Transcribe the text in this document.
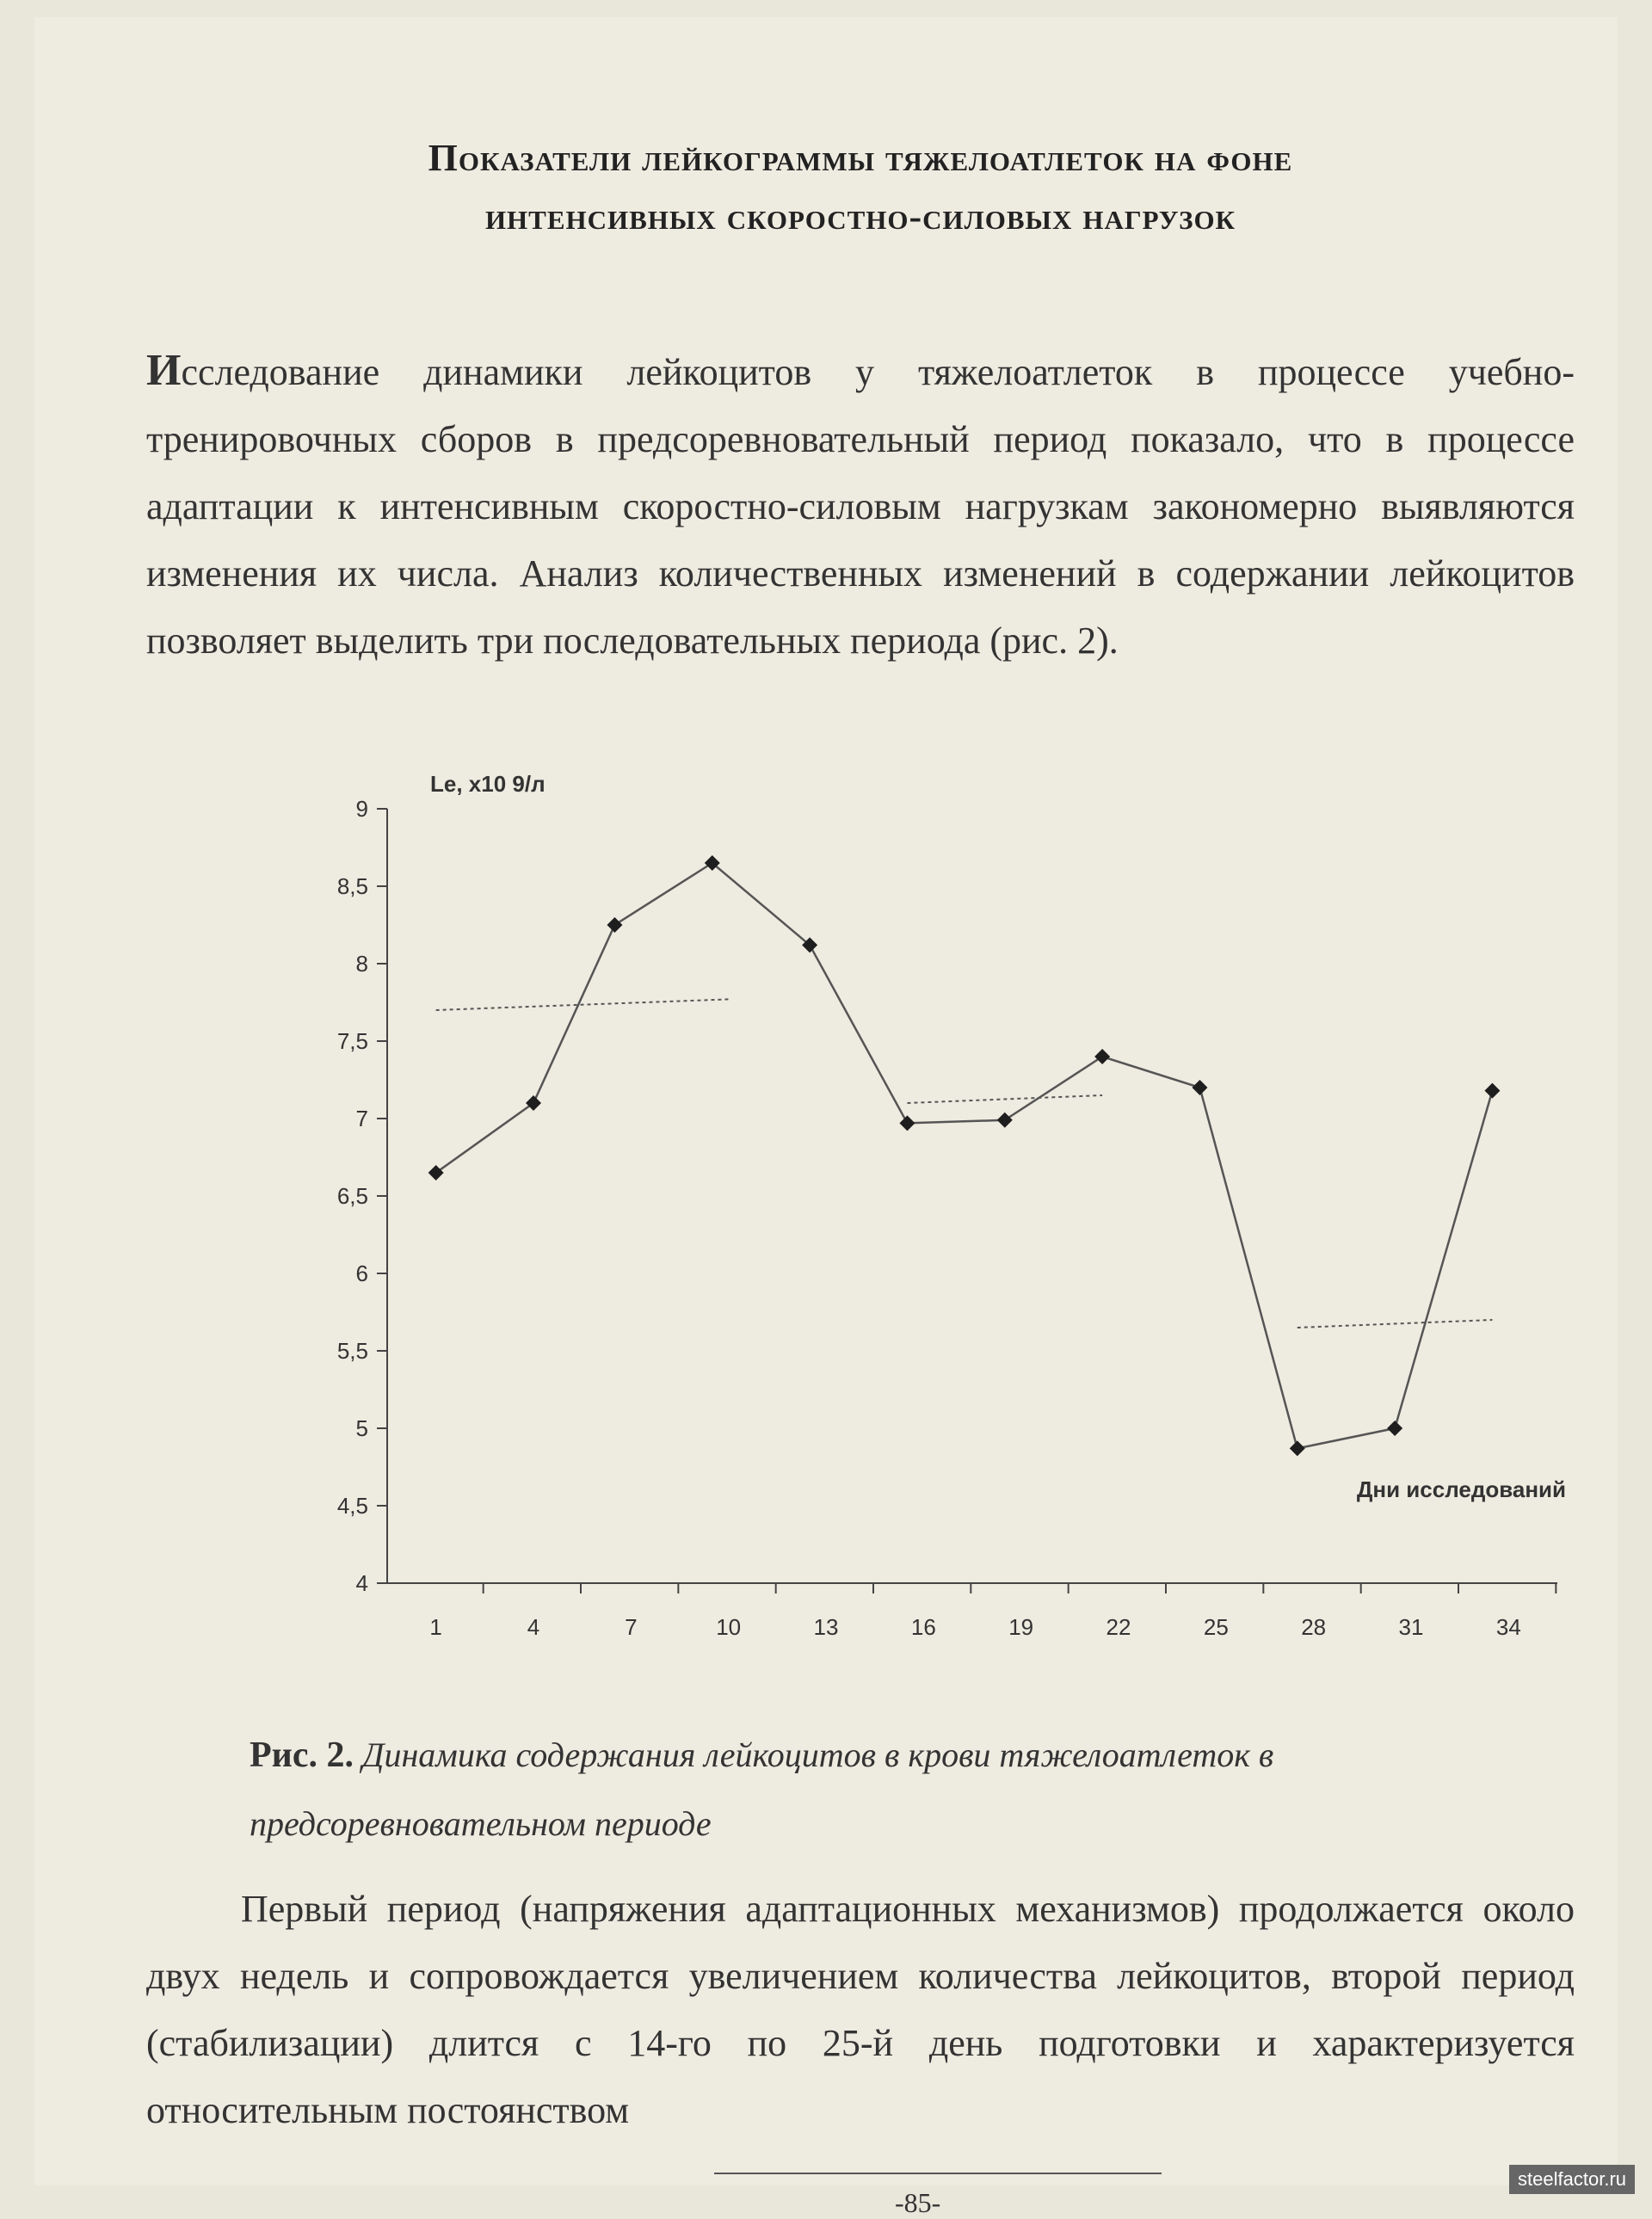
Показатели лейкограммы тяжелоатлеток на фоне
интенсивных скоростно-силовых нагрузок
Исследование динамики лейкоцитов у тяжелоатлеток в процессе учебно-тренировочных сборов в предсоревновательный период показало, что в процессе адаптации к интенсивным скоростно-силовым нагрузкам закономерно выявляются изменения их числа. Анализ количественных изменений в содержании лейкоцитов позволяет выделить три последовательных периода (рис. 2).
4
4,5
5
5,5
6
6,5
7
7,5
8
8,5
9
1	4	7	10	13	16	19	22	25	28	31	34
Le, x10 9/л
Дни исследований
Рис. 2. Динамика содержания лейкоцитов в крови тяжелоатлеток в предсоревновательном периоде
Первый период (напряжения адаптационных механизмов) продолжается около двух недель и сопровождается увеличением количества лейкоцитов, второй период (стабилизации) длится с 14-го по 25-й день подготовки и характеризуется относительным постоянством
-85-
steelfactor.ru
